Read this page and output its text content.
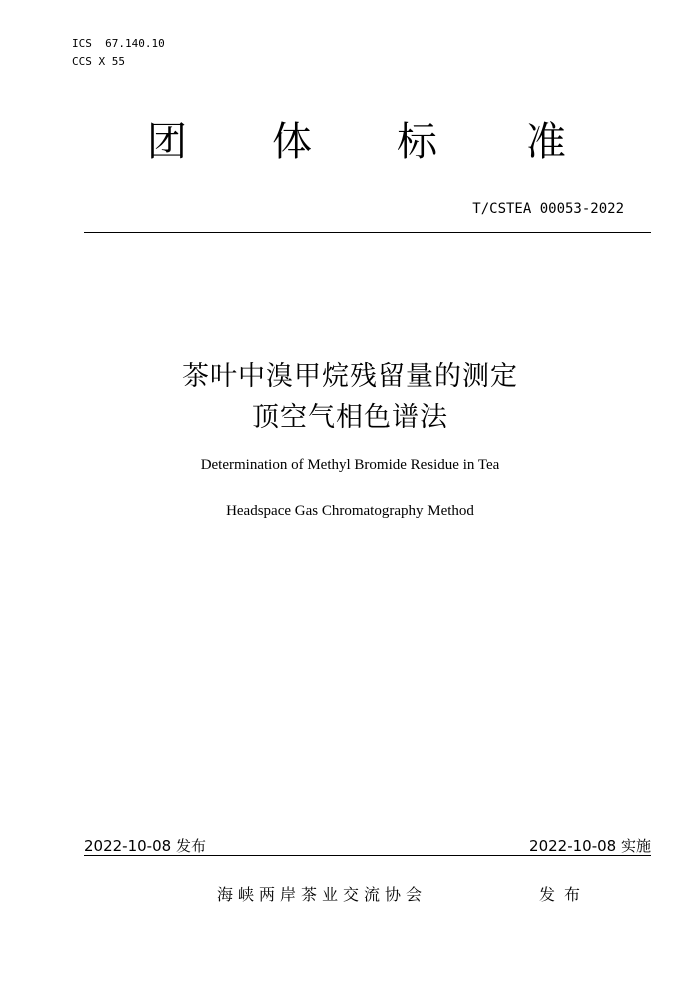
ICS  67.140.10
CCS X 55
团 体 标 准
T/CSTEA 00053-2022
茶叶中溴甲烷残留量的测定
顶空气相色谱法
Determination of Methyl Bromide Residue in Tea
Headspace Gas Chromatography Method
2022-10-08 发布	2022-10-08 实施
海峡两岸茶业交流协会	发布
